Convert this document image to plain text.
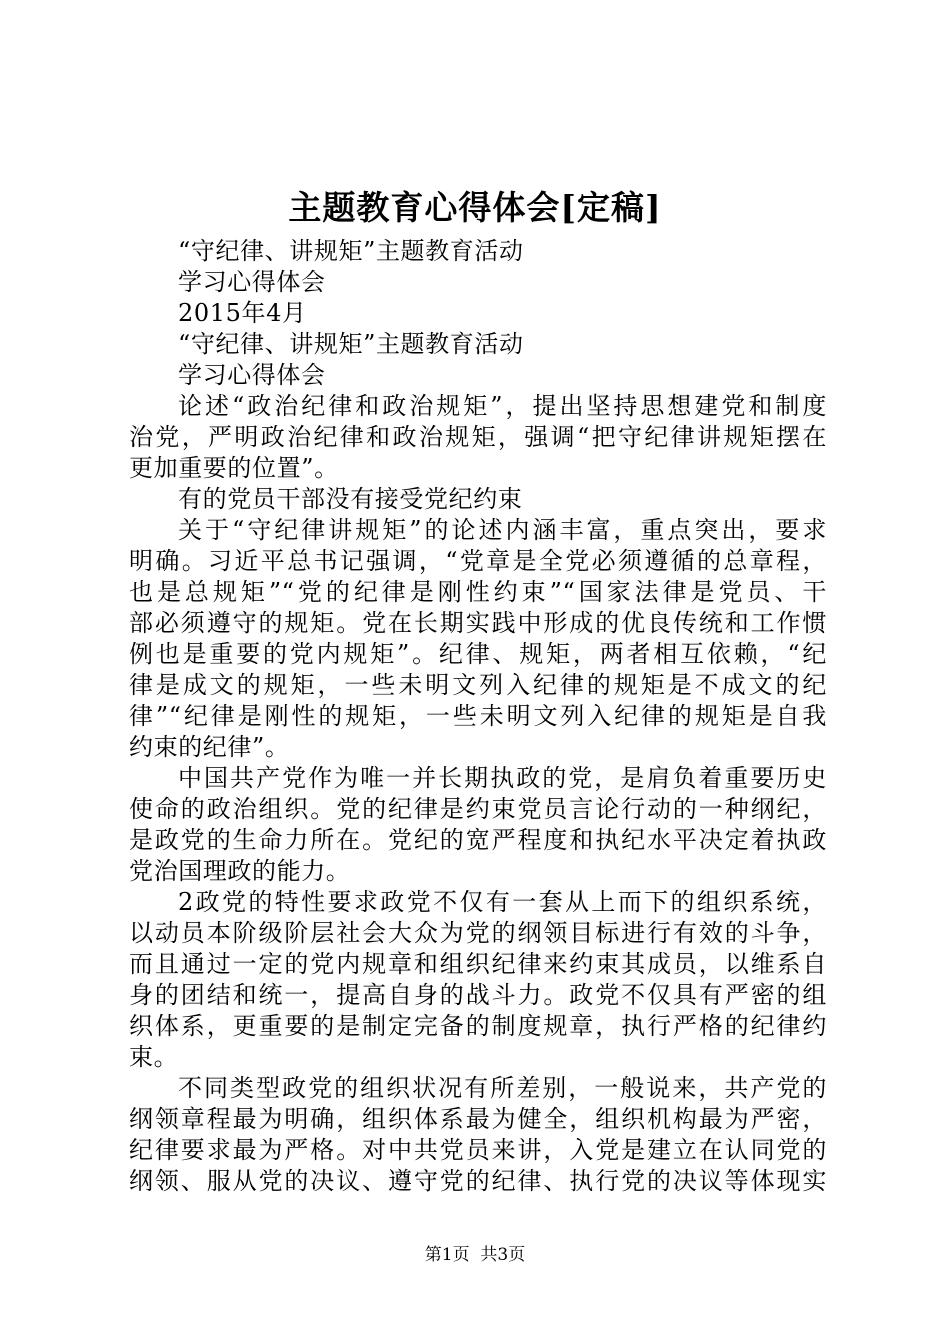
主题教育心得体会[定稿]
“守纪律、讲规矩”主题教育活动
学习心得体会
2015年4月
“守纪律、讲规矩”主题教育活动
学习心得体会
论述“政治纪律和政治规矩”，提出坚持思想建党和制度
治党，严明政治纪律和政治规矩，强调“把守纪律讲规矩摆在
更加重要的位置”。
有的党员干部没有接受党纪约束
关于“守纪律讲规矩”的论述内涵丰富，重点突出，要求
明确。习近平总书记强调，“党章是全党必须遵循的总章程，
也是总规矩”“党的纪律是刚性约束”“国家法律是党员、干
部必须遵守的规矩。党在长期实践中形成的优良传统和工作惯
例也是重要的党内规矩”。纪律、规矩，两者相互依赖，“纪
律是成文的规矩，一些未明文列入纪律的规矩是不成文的纪
律”“纪律是刚性的规矩，一些未明文列入纪律的规矩是自我
约束的纪律”。
中国共产党作为唯一并长期执政的党，是肩负着重要历史
使命的政治组织。党的纪律是约束党员言论行动的一种纲纪，
是政党的生命力所在。党纪的宽严程度和执纪水平决定着执政
党治国理政的能力。
2政党的特性要求政党不仅有一套从上而下的组织系统，
以动员本阶级阶层社会大众为党的纲领目标进行有效的斗争，
而且通过一定的党内规章和组织纪律来约束其成员，以维系自
身的团结和统一，提高自身的战斗力。政党不仅具有严密的组
织体系，更重要的是制定完备的制度规章，执行严格的纪律约
束。
不同类型政党的组织状况有所差别，一般说来，共产党的
纲领章程最为明确，组织体系最为健全，组织机构最为严密，
纪律要求最为严格。对中共党员来讲，入党是建立在认同党的
纲领、服从党的决议、遵守党的纪律、执行党的决议等体现实
第1页  共3页
